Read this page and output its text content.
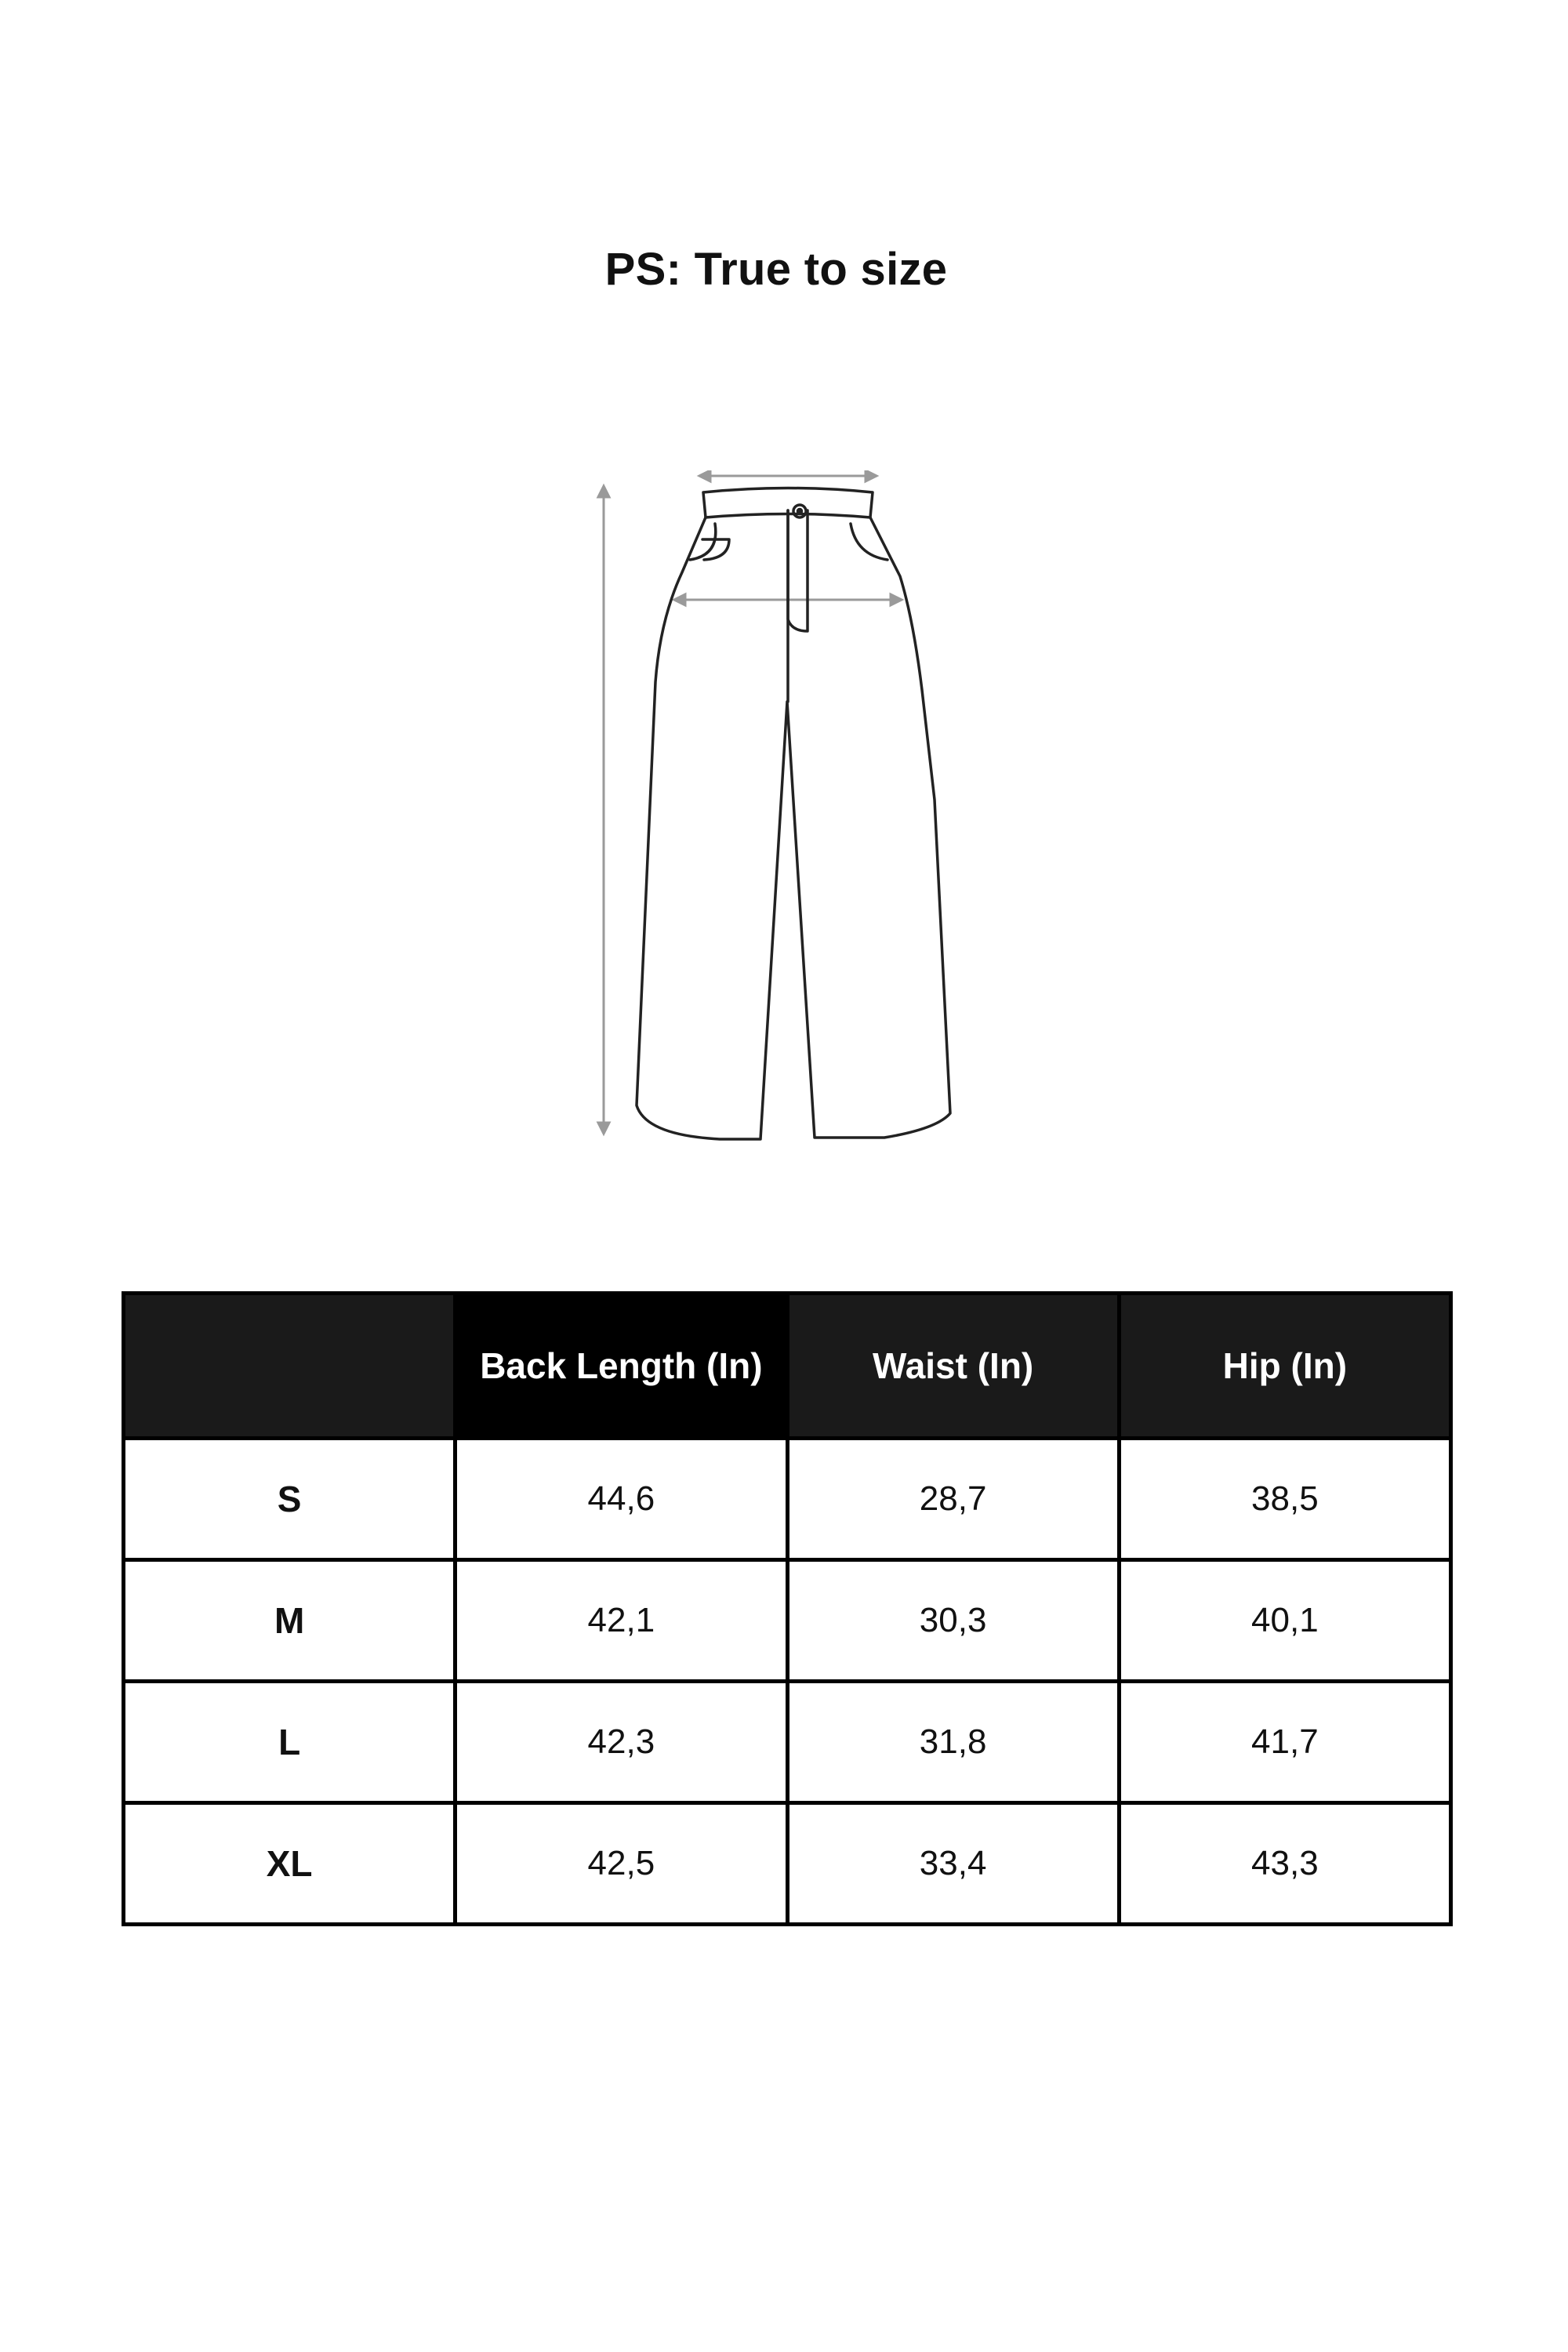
PS: True to size
	Back Length (In)	Waist (In)	Hip (In)
S	44,6	28,7	38,5
M	42,1	30,3	40,1
L	42,3	31,8	41,7
XL	42,5	33,4	43,3
